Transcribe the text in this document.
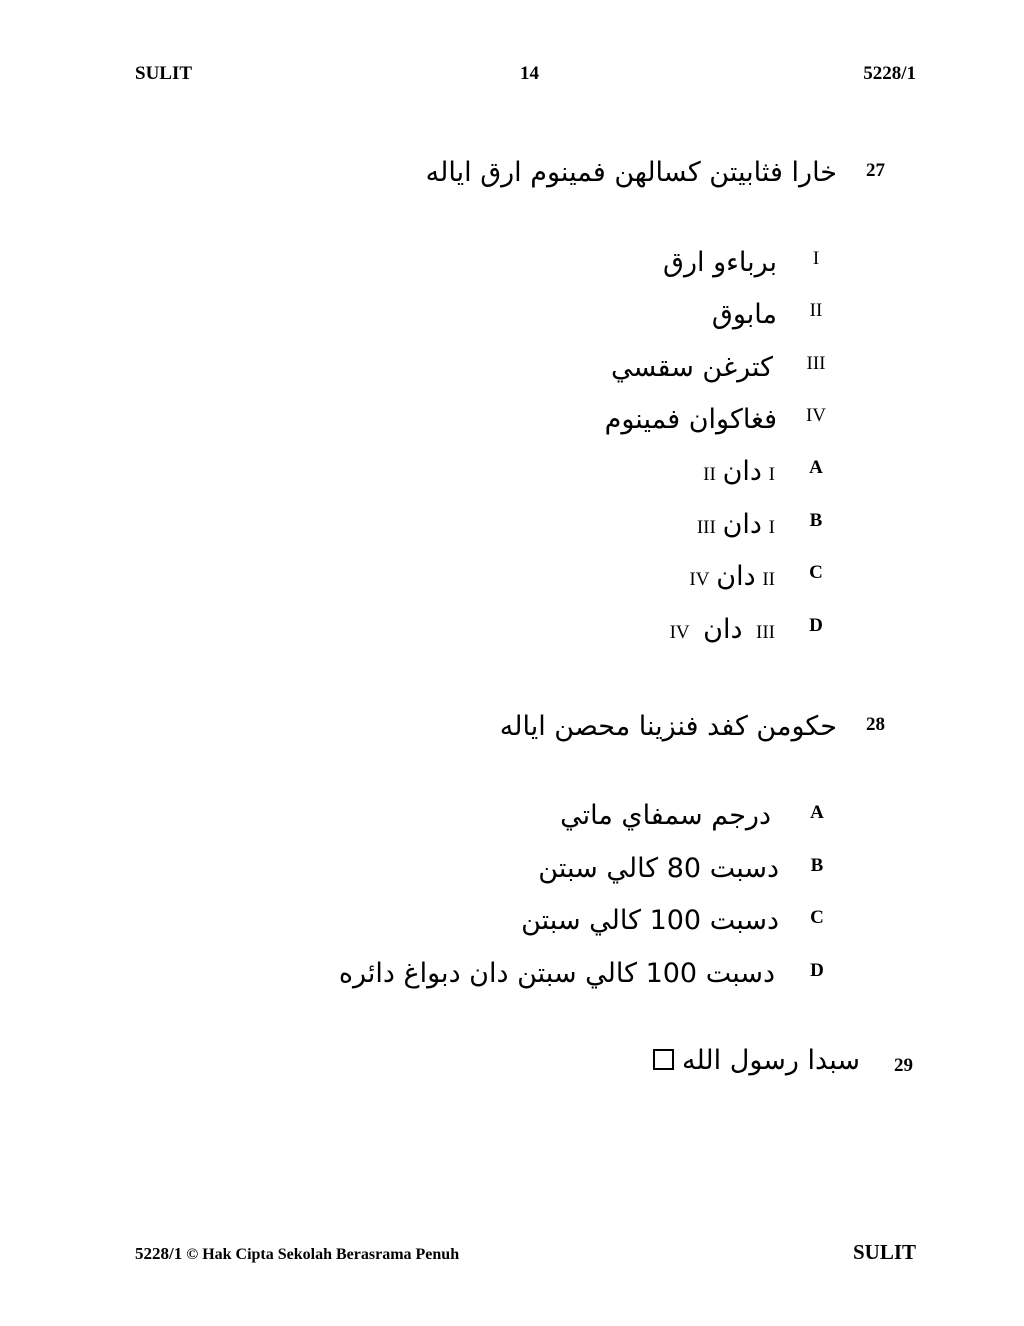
SULIT	14	5228/1
27
خارا فثابيتن كسالهن فمينوم ارق اياله
I
برباءو ارق
II
مابوق
III
كترغن سقسي
IV
فغاكوان فمينوم
A
II دان I
B
III دان I
C
IV دان II
D
IV دان III
28
حكومن كفد فنزينا محصن اياله
A
درجم سمفاي ماتي
B
دسبت 80 كالي سبتن
C
دسبت 100 كالي سبتن
D
دسبت 100 كالي سبتن دان دبواغ دائره
29
سبدا رسول الله
5228/1 © Hak Cipta Sekolah Berasrama Penuh	SULIT
